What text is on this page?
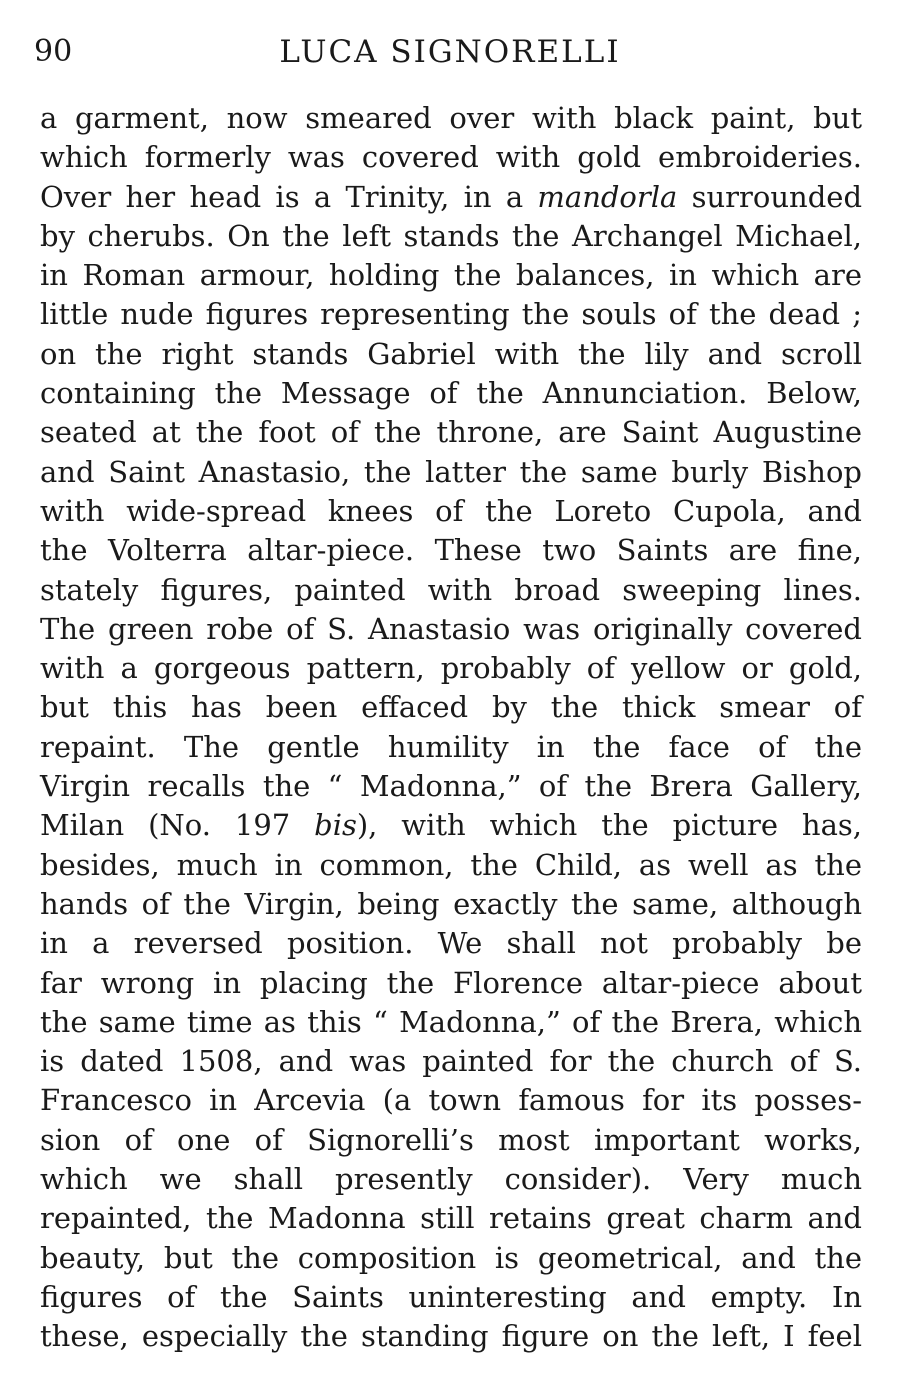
90	LUCA SIGNORELLI
a garment, now smeared over with black paint, but
which formerly was covered with gold embroideries.
Over her head is a Trinity, in a mandorla surrounded
by cherubs. On the left stands the Archangel Michael,
in Roman armour, holding the balances, in which are
little nude figures representing the souls of the dead ;
on the right stands Gabriel with the lily and scroll
containing the Message of the Annunciation. Below,
seated at the foot of the throne, are Saint Augustine
and Saint Anastasio, the latter the same burly Bishop
with wide-spread knees of the Loreto Cupola, and
the Volterra altar-piece. These two Saints are fine,
stately figures, painted with broad sweeping lines.
The green robe of S. Anastasio was originally covered
with a gorgeous pattern, probably of yellow or gold,
but this has been effaced by the thick smear of
repaint. The gentle humility in the face of the
Virgin recalls the “ Madonna,” of the Brera Gallery,
Milan (No. 197 bis), with which the picture has,
besides, much in common, the Child, as well as the
hands of the Virgin, being exactly the same, although
in a reversed position. We shall not probably be
far wrong in placing the Florence altar-piece about
the same time as this “ Madonna,” of the Brera, which
is dated 1508, and was painted for the church of S.
Francesco in Arcevia (a town famous for its posses-
sion of one of Signorelli’s most important works,
which we shall presently consider). Very much
repainted, the Madonna still retains great charm and
beauty, but the composition is geometrical, and the
figures of the Saints uninteresting and empty. In
these, especially the standing figure on the left, I feel
